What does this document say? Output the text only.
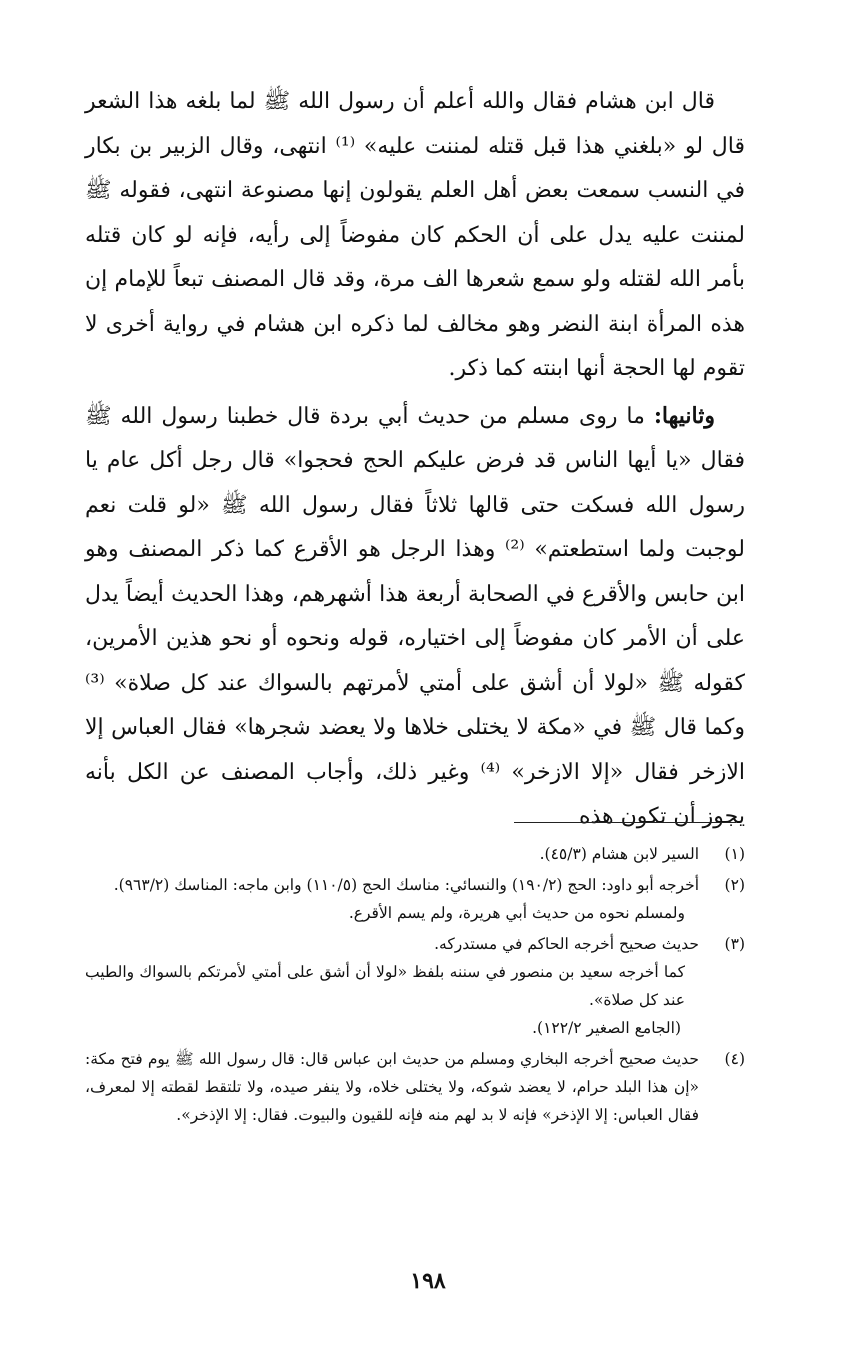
قال ابن هشام فقال والله أعلم أن رسول الله ﷺ لما بلغه هذا الشعر قال لو «بلغني هذا قبل قتله لمننت عليه» ⁽¹⁾ انتهى، وقال الزبير بن بكار في النسب سمعت بعض أهل العلم يقولون إنها مصنوعة انتهى، فقوله ﷺ لمننت عليه يدل على أن الحكم كان مفوضاً إلى رأيه، فإنه لو كان قتله بأمر الله لقتله ولو سمع شعرها الف مرة، وقد قال المصنف تبعاً للإمام إن هذه المرأة ابنة النضر وهو مخالف لما ذكره ابن هشام في رواية أخرى لا تقوم لها الحجة أنها ابنته كما ذكر.

وثانيها: ما روى مسلم من حديث أبي بردة قال خطبنا رسول الله ﷺ فقال «يا أيها الناس قد فرض عليكم الحج فحجوا» قال رجل أكل عام يا رسول الله فسكت حتى قالها ثلاثاً فقال رسول الله ﷺ «لو قلت نعم لوجبت ولما استطعتم» ⁽²⁾ وهذا الرجل هو الأقرع كما ذكر المصنف وهو ابن حابس والأقرع في الصحابة أربعة هذا أشهرهم، وهذا الحديث أيضاً يدل على أن الأمر كان مفوضاً إلى اختياره، قوله ونحوه أو نحو هذين الأمرين، كقوله ﷺ «لولا أن أشق على أمتي لأمرتهم بالسواك عند كل صلاة» ⁽³⁾ وكما قال ﷺ في «مكة لا يختلى خلاها ولا يعضد شجرها» فقال العباس إلا الازخر فقال «إلا الازخر» ⁽⁴⁾ وغير ذلك، وأجاب المصنف عن الكل بأنه يجوز أن تكون هذه

(١)

السير لابن هشام (٤٥/٣).

(٢)

أخرجه أبو داود: الحج (١٩٠/٢) والنسائي: مناسك الحج (١١٠/٥) وابن ماجه: المناسك (٩٦٣/٢).

ولمسلم نحوه من حديث أبي هريرة، ولم يسم الأقرع.

(٣)

حديث صحيح أخرجه الحاكم في مستدركه.

كما أخرجه سعيد بن منصور في سننه بلفظ «لولا أن أشق على أمتي لأمرتكم بالسواك والطيب عند كل صلاة».

(الجامع الصغير ١٢٢/٢).

(٤)

حديث صحيح أخرجه البخاري ومسلم من حديث ابن عباس قال: قال رسول الله ﷺ يوم فتح مكة: «إن هذا البلد حرام، لا يعضد شوكه، ولا يختلى خلاه، ولا ينفر صيده، ولا تلتقط لقطته إلا لمعرف، فقال العباس: إلا الإذخر» فإنه لا بد لهم منه فإنه للقيون والبيوت. فقال: إلا الإذخر».

١٩٨
